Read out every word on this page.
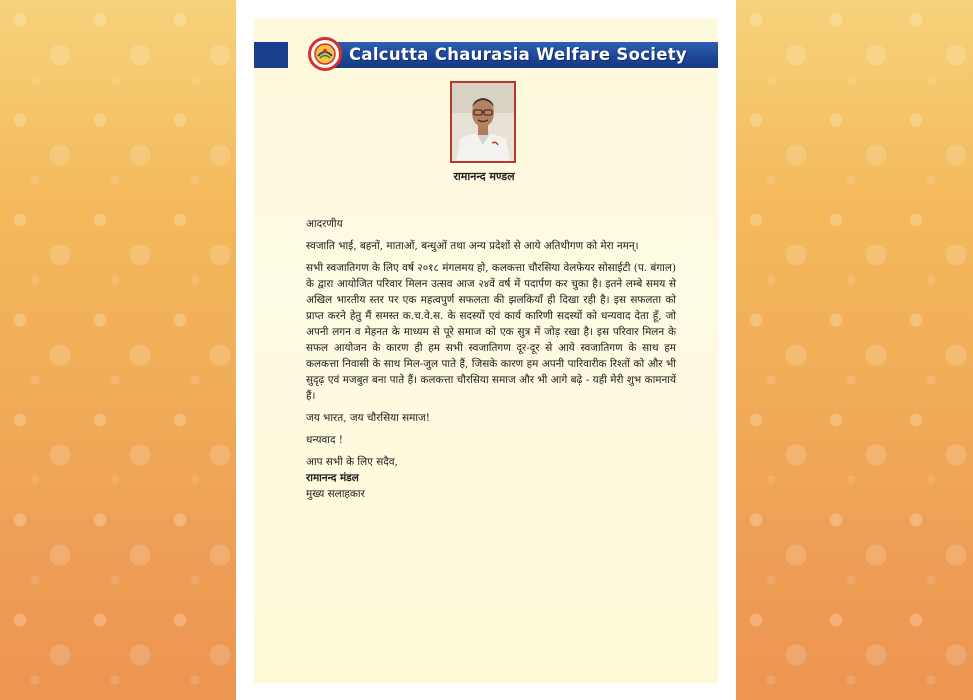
Calcutta Chaurasia Welfare Society
रामानन्द मण्डल

आदरणीय

स्वजाति भाई, बहनों, माताओं, बन्धुओं तथा अन्य प्रदेशों से आये अतिथीगण को मेरा नमन्।

सभी स्वजातिगण के लिए वर्ष २०१८ मंगलमय हो, कलकत्ता चौरसिया वेलफेयर सोसाईटी (प. बंगाल) के द्वारा आयोजित परिवार मिलन उत्सव आज २४वें वर्ष में पदार्पण कर चुका है। इतने लम्बे समय से अखिल भारतीय स्तर पर एक महत्वपुर्ण सफलता की झलकियाँ ही दिखा रही है। इस सफलता को प्राप्त करने हेतु मैं समस्त क.च.वे.स. के सदस्यों एवं कार्य कारिणी सदस्यों को धन्यवाद देता हूँ, जो अपनी लगन व मेहनत के माध्यम से पूरे समाज को एक सुत्र में जोड़ रखा है। इस परिवार मिलन के सफल आयोजन के कारण ही हम सभी स्वजातिगण दूर-दूर से आये स्वजातिगण के साथ हम कलकत्ता निवासी के साथ मिल-जुल पाते हैं, जिसके कारण हम अपनी पारिवारीक रिश्तों को और भी सुदृढ़ एवं मजबुत बना पाते हैं। कलकत्ता चौरसिया समाज और भी आगे बढ़े - यही मेरी शुभ कामनायें हैं।

जय भारत, जय चौरसिया समाज!

धन्यवाद !

आप सभी के लिए सदैव,

रामानन्द मंडल

मुख्य सलाहकार
